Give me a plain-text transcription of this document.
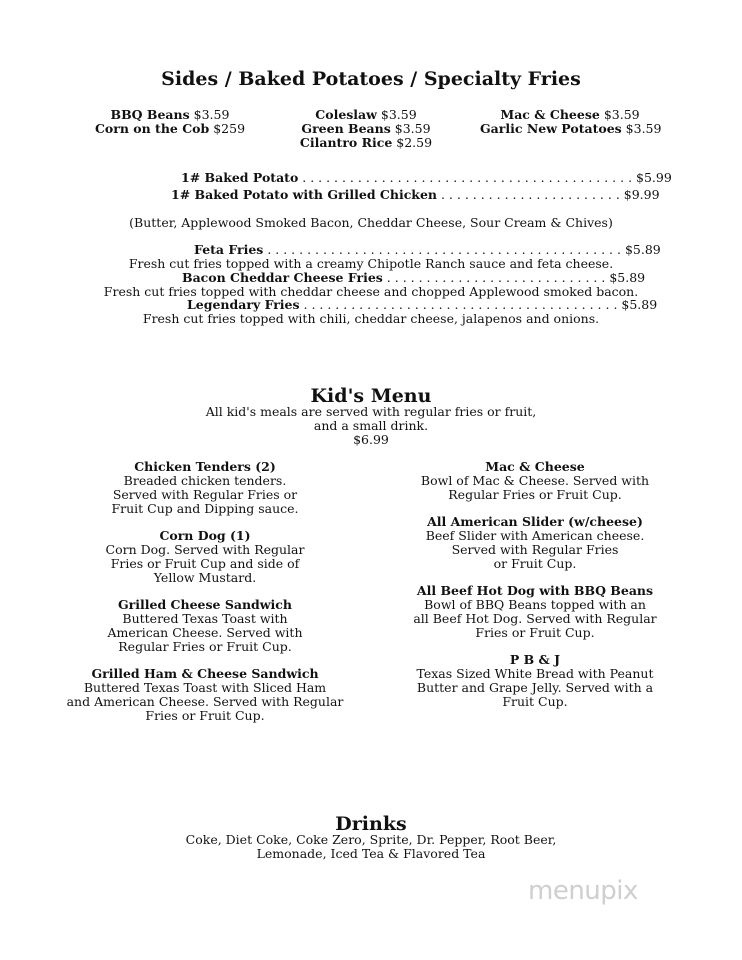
Sides / Baked Potatoes / Specialty Fries
BBQ Beans $3.59
Corn on the Cob $259
Coleslaw $3.59
Green Beans $3.59
Cilantro Rice $2.59
Mac & Cheese $3.59
Garlic New Potatoes $3.59
1# Baked Potato . . . . . . . . . . . . . . . . . . . . . . . . . . . . . . . . . . . . . . . . . . $5.99
1# Baked Potato with Grilled Chicken . . . . . . . . . . . . . . . . . . . . . . . $9.99
(Butter, Applewood Smoked Bacon, Cheddar Cheese, Sour Cream & Chives)
Feta Fries . . . . . . . . . . . . . . . . . . . . . . . . . . . . . . . . . . . . . . . . . . . . . $5.89
Fresh cut fries topped with a creamy Chipotle Ranch sauce and feta cheese.
Bacon Cheddar Cheese Fries . . . . . . . . . . . . . . . . . . . . . . . . . . . . $5.89
Fresh cut fries topped with cheddar cheese and chopped Applewood smoked bacon.
Legendary Fries . . . . . . . . . . . . . . . . . . . . . . . . . . . . . . . . . . . . . . . . $5.89
Fresh cut fries topped with chili, cheddar cheese, jalapenos and onions.
Kid's Menu
All kid's meals are served with regular fries or fruit,
and a small drink.
$6.99
Chicken Tenders (2)
Breaded chicken tenders.
Served with Regular Fries or
Fruit Cup and Dipping sauce.
Corn Dog (1)
Corn Dog. Served with Regular
Fries or Fruit Cup and side of
Yellow Mustard.
Grilled Cheese Sandwich
Buttered Texas Toast with
American Cheese. Served with
Regular Fries or Fruit Cup.
Grilled Ham & Cheese Sandwich
Buttered Texas Toast with Sliced Ham
and American Cheese. Served with Regular
Fries or Fruit Cup.
Mac & Cheese
Bowl of Mac & Cheese. Served with
Regular Fries or Fruit Cup.
All American Slider (w/cheese)
Beef Slider with American cheese.
Served with Regular Fries
or Fruit Cup.
All Beef Hot Dog with BBQ Beans
Bowl of BBQ Beans topped with an
all Beef Hot Dog. Served with Regular
Fries or Fruit Cup.
P B & J
Texas Sized White Bread with Peanut
Butter and Grape Jelly. Served with a
Fruit Cup.
Drinks
Coke, Diet Coke, Coke Zero, Sprite, Dr. Pepper, Root Beer,
Lemonade, Iced Tea & Flavored Tea
menupix
